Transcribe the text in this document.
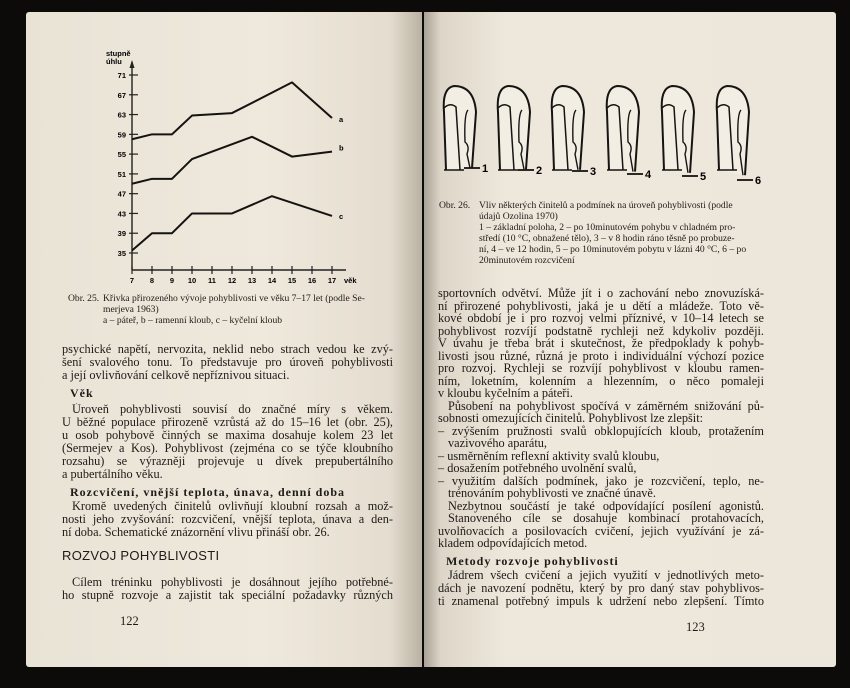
stupně
úhlu
35
39
43
47
51
55
59
63
67
71
7 8 9 10 11 12 13 14 15 16 17 věk
a
b
c
Obr. 25. Křivka přirozeného vývoje pohyblivosti ve věku 7–17 let (podle Se-
merjeva 1963)
a – páteř, b – ramenní kloub, c – kyčelní kloub
psychické napětí, nervozita, neklid nebo strach vedou ke zvý-
šení svalového tonu. To představuje pro úroveň pohyblivosti
a její ovlivňování celkově nepříznivou situaci.
Věk
Úroveň pohyblivosti souvisí do značné míry s věkem.
U běžné populace přirozeně vzrůstá až do 15–16 let (obr. 25),
u osob pohybově činných se maxima dosahuje kolem 23 let
(Sermejev a Kos). Pohyblivost (zejména co se týče kloubního
rozsahu) se výrazněji projevuje u dívek prepubertálního
a pubertálního věku.
Rozcvičení, vnější teplota, únava, denní doba
Kromě uvedených činitelů ovlivňují kloubní rozsah a mož-
nosti jeho zvyšování: rozcvičení, vnější teplota, únava a den-
ní doba. Schematické znázornění vlivu přináší obr. 26.
ROZVOJ POHYBLIVOSTI
Cílem tréninku pohyblivosti je dosáhnout jejího potřebné-
ho stupně rozvoje a zajistit tak speciální požadavky různých
122
1	2	3	4	5	6
Obr. 26. Vliv některých činitelů a podmínek na úroveň pohyblivosti (podle
údajů Ozolina 1970)
1 – základní poloha, 2 – po 10minutovém pohybu v chladném pro-
středí (10 °C, obnažené tělo), 3 – v 8 hodin ráno těsně po probuze-
ní, 4 – ve 12 hodin, 5 – po 10minutovém pobytu v lázni 40 °C, 6 – po
20minutovém rozcvičení
sportovních odvětví. Může jít i o zachování nebo znovuzíská-
ní přirozené pohyblivosti, jaká je u dětí a mládeže. Toto vě-
kové období je i pro rozvoj velmi příznivé, v 10–14 letech se
pohyblivost rozvíjí podstatně rychleji než kdykoliv později.
V úvahu je třeba brát i skutečnost, že předpoklady k pohyb-
livosti jsou různé, různá je proto i individuální výchozí pozice
pro rozvoj. Rychleji se rozvíjí pohyblivost v kloubu ramen-
ním, loketním, kolenním a hlezenním, o něco pomaleji
v kloubu kyčelním a páteři.
Působení na pohyblivost spočívá v záměrném snižování pů-
sobnosti omezujících činitelů. Pohyblivost lze zlepšit:
– zvýšením pružnosti svalů obklopujících kloub, protažením
vazivového aparátu,
– usměrněním reflexní aktivity svalů kloubu,
– dosažením potřebného uvolnění svalů,
– využitím dalších podmínek, jako je rozcvičení, teplo, ne-
trénováním pohyblivosti ve značné únavě.
Nezbytnou součástí je také odpovídající posílení agonistů.
Stanoveného cíle se dosahuje kombinací protahovacích,
uvolňovacích a posilovacích cvičení, jejich využívání je zá-
kladem odpovídajících metod.
Metody rozvoje pohyblivosti
Jádrem všech cvičení a jejich využití v jednotlivých meto-
dách je navození podnětu, který by pro daný stav pohyblivos-
ti znamenal potřebný impuls k udržení nebo zlepšení. Tímto
123
